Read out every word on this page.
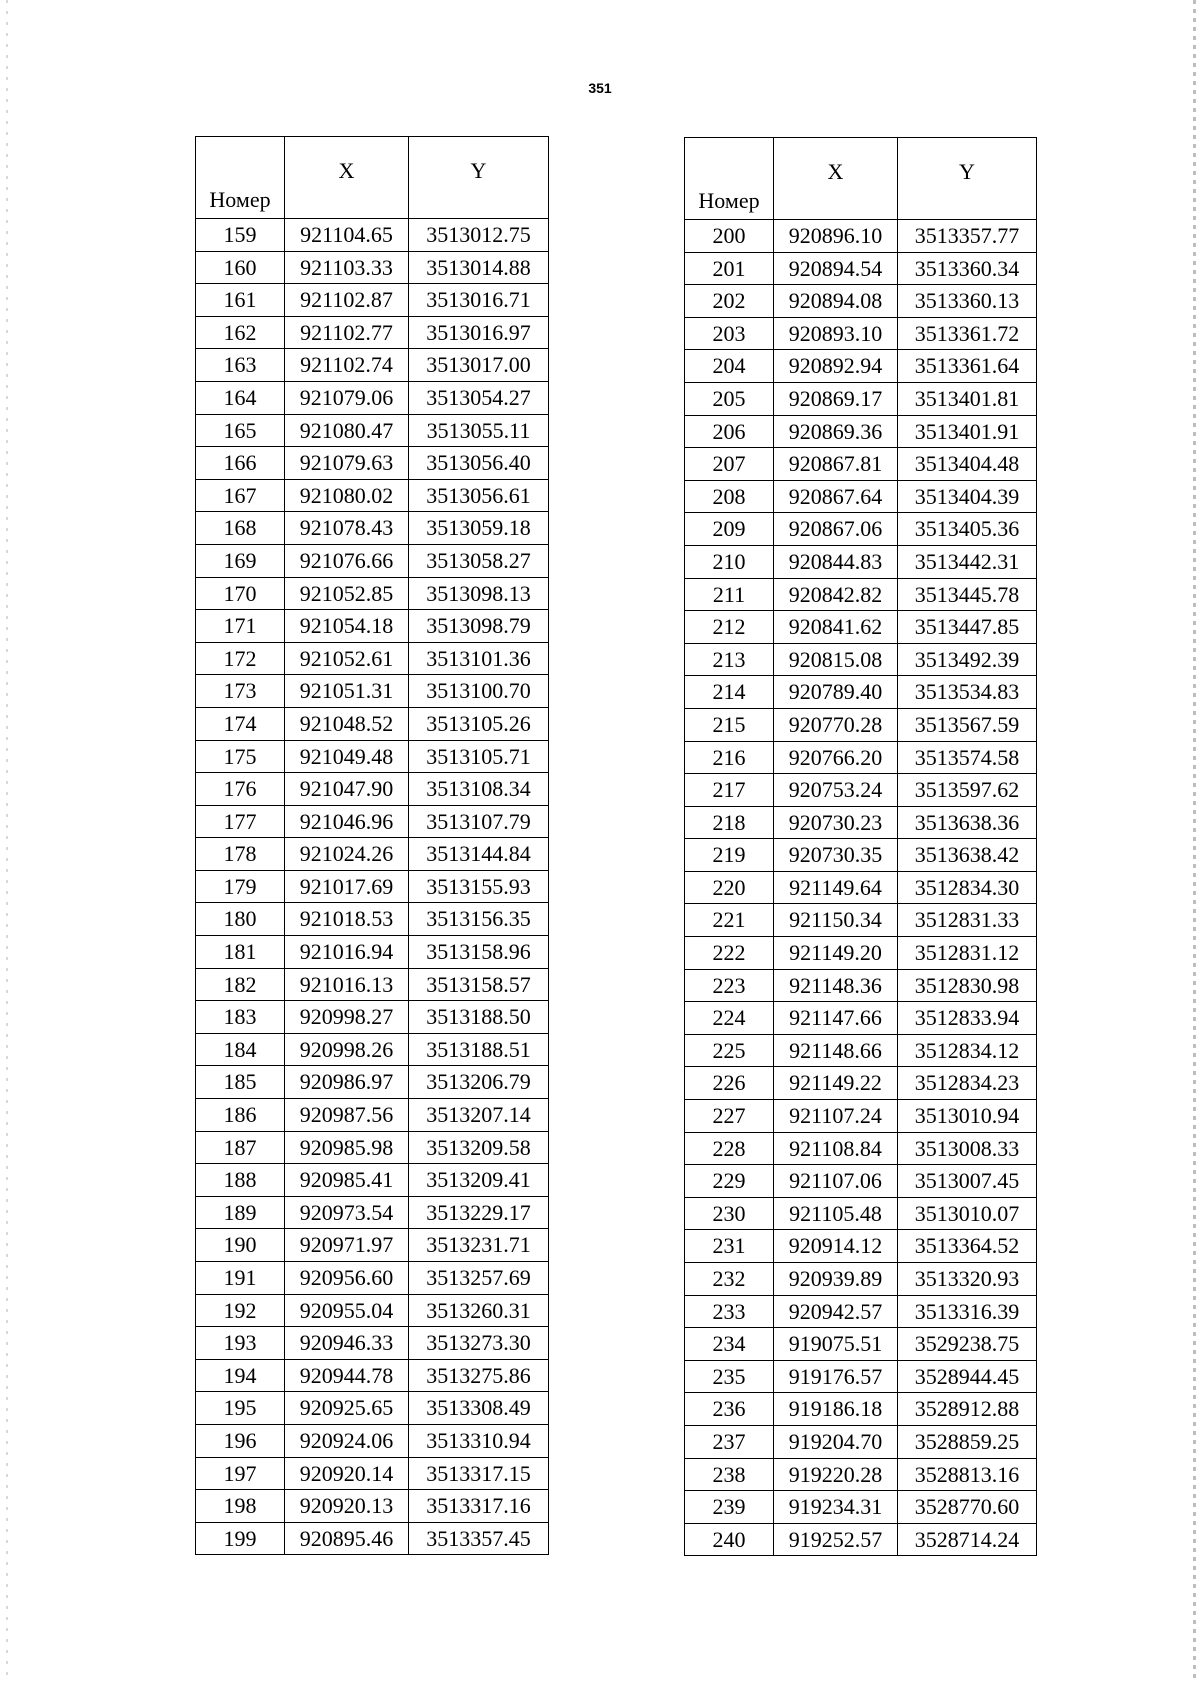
351
Номер	X	Y
159	921104.65	3513012.75
160	921103.33	3513014.88
161	921102.87	3513016.71
162	921102.77	3513016.97
163	921102.74	3513017.00
164	921079.06	3513054.27
165	921080.47	3513055.11
166	921079.63	3513056.40
167	921080.02	3513056.61
168	921078.43	3513059.18
169	921076.66	3513058.27
170	921052.85	3513098.13
171	921054.18	3513098.79
172	921052.61	3513101.36
173	921051.31	3513100.70
174	921048.52	3513105.26
175	921049.48	3513105.71
176	921047.90	3513108.34
177	921046.96	3513107.79
178	921024.26	3513144.84
179	921017.69	3513155.93
180	921018.53	3513156.35
181	921016.94	3513158.96
182	921016.13	3513158.57
183	920998.27	3513188.50
184	920998.26	3513188.51
185	920986.97	3513206.79
186	920987.56	3513207.14
187	920985.98	3513209.58
188	920985.41	3513209.41
189	920973.54	3513229.17
190	920971.97	3513231.71
191	920956.60	3513257.69
192	920955.04	3513260.31
193	920946.33	3513273.30
194	920944.78	3513275.86
195	920925.65	3513308.49
196	920924.06	3513310.94
197	920920.14	3513317.15
198	920920.13	3513317.16
199	920895.46	3513357.45
Номер	X	Y
200	920896.10	3513357.77
201	920894.54	3513360.34
202	920894.08	3513360.13
203	920893.10	3513361.72
204	920892.94	3513361.64
205	920869.17	3513401.81
206	920869.36	3513401.91
207	920867.81	3513404.48
208	920867.64	3513404.39
209	920867.06	3513405.36
210	920844.83	3513442.31
211	920842.82	3513445.78
212	920841.62	3513447.85
213	920815.08	3513492.39
214	920789.40	3513534.83
215	920770.28	3513567.59
216	920766.20	3513574.58
217	920753.24	3513597.62
218	920730.23	3513638.36
219	920730.35	3513638.42
220	921149.64	3512834.30
221	921150.34	3512831.33
222	921149.20	3512831.12
223	921148.36	3512830.98
224	921147.66	3512833.94
225	921148.66	3512834.12
226	921149.22	3512834.23
227	921107.24	3513010.94
228	921108.84	3513008.33
229	921107.06	3513007.45
230	921105.48	3513010.07
231	920914.12	3513364.52
232	920939.89	3513320.93
233	920942.57	3513316.39
234	919075.51	3529238.75
235	919176.57	3528944.45
236	919186.18	3528912.88
237	919204.70	3528859.25
238	919220.28	3528813.16
239	919234.31	3528770.60
240	919252.57	3528714.24
